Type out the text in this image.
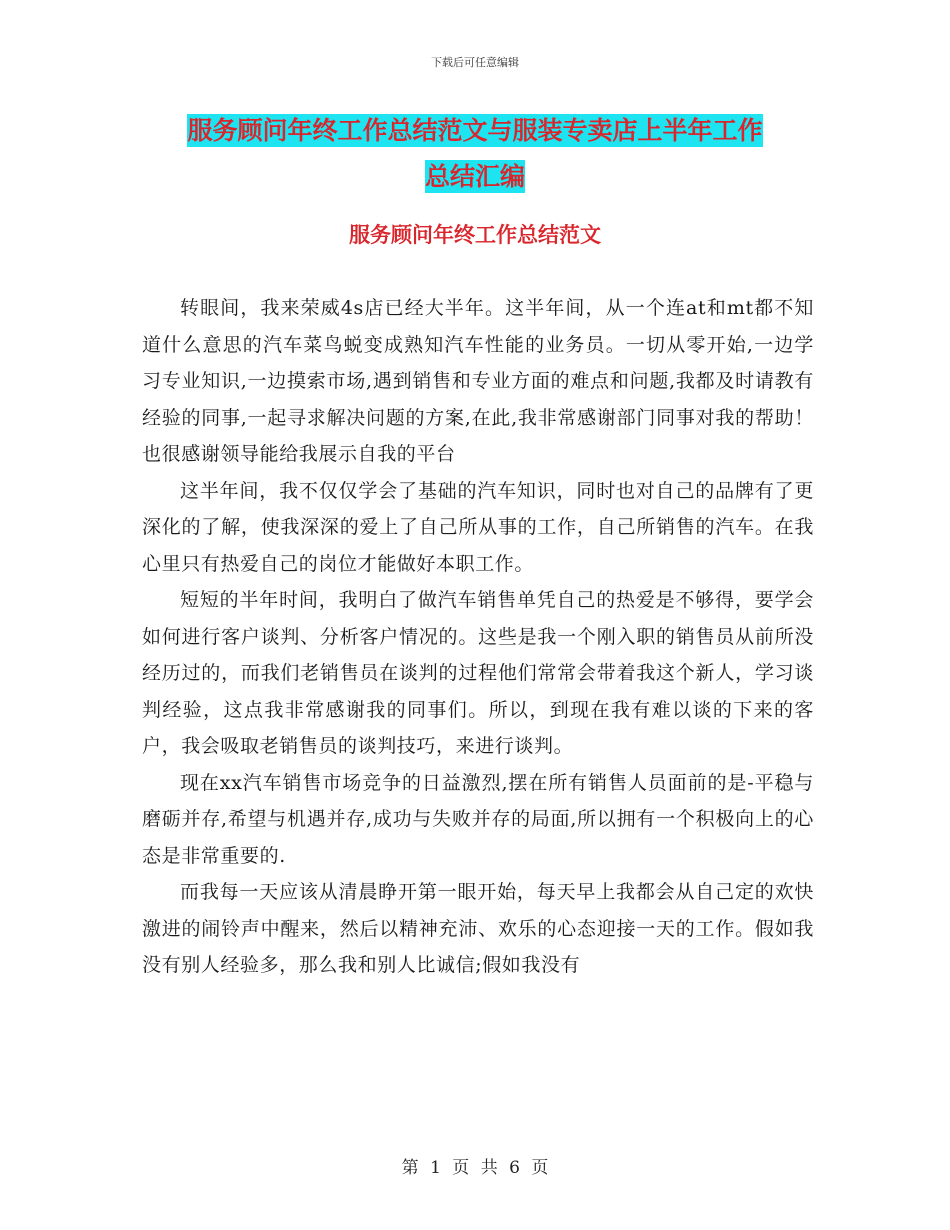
下载后可任意编辑
服务顾问年终工作总结范文与服装专卖店上半年工作
总结汇编
服务顾问年终工作总结范文

转眼间，我来荣威4s店已经大半年。这半年间，从一个连at和mt都不知道什么意思的汽车菜鸟蜕变成熟知汽车性能的业务员。一切从零开始,一边学习专业知识,一边摸索市场,遇到销售和专业方面的难点和问题,我都及时请教有经验的同事,一起寻求解决问题的方案,在此,我非常感谢部门同事对我的帮助！也很感谢领导能给我展示自我的平台

这半年间，我不仅仅学会了基础的汽车知识，同时也对自己的品牌有了更深化的了解，使我深深的爱上了自己所从事的工作，自己所销售的汽车。在我心里只有热爱自己的岗位才能做好本职工作。

短短的半年时间，我明白了做汽车销售单凭自己的热爱是不够得，要学会如何进行客户谈判、分析客户情况的。这些是我一个刚入职的销售员从前所没经历过的，而我们老销售员在谈判的过程他们常常会带着我这个新人，学习谈判经验，这点我非常感谢我的同事们。所以，到现在我有难以谈的下来的客户，我会吸取老销售员的谈判技巧，来进行谈判。

现在xx汽车销售市场竞争的日益激烈,摆在所有销售人员面前的是-平稳与磨砺并存,希望与机遇并存,成功与失败并存的局面,所以拥有一个积极向上的心态是非常重要的.

而我每一天应该从清晨睁开第一眼开始，每天早上我都会从自己定的欢快激进的闹铃声中醒来，然后以精神充沛、欢乐的心态迎接一天的工作。假如我没有别人经验多，那么我和别人比诚信;假如我没有

第 1 页 共 6 页
